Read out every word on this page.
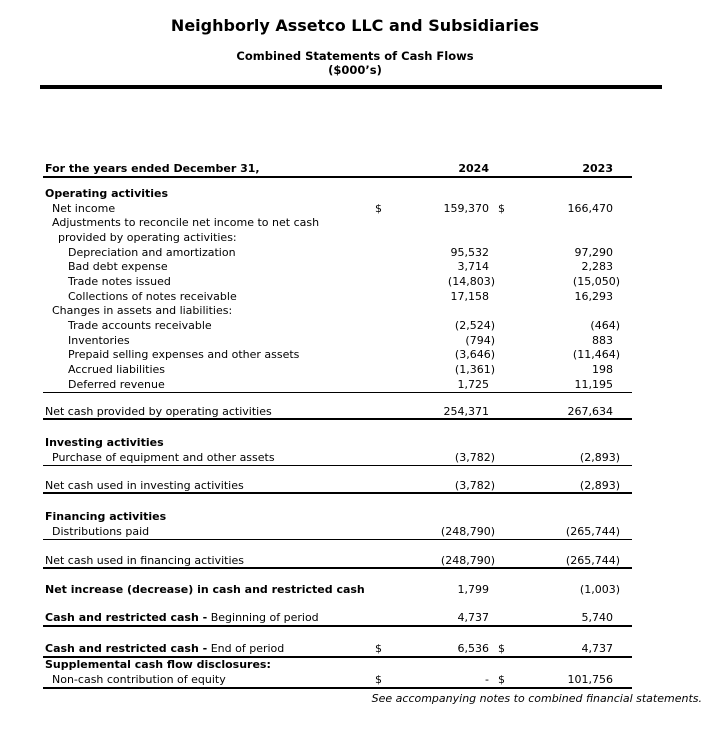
Neighborly Assetco LLC and Subsidiaries
Combined Statements of Cash Flows
($000’s)
For the years ended December 31,	2024	2023
Operating activities
Net income	$	159,370 $	166,470
Adjustments to reconcile net income to net cash
provided by operating activities:
Depreciation and amortization	95,532	97,290
Bad debt expense	3,714	2,283
Trade notes issued	(14,803)	(15,050)
Collections of notes receivable	17,158	16,293
Changes in assets and liabilities:
Trade accounts receivable	(2,524)	(464)
Inventories	(794)	883
Prepaid selling expenses and other assets	(3,646)	(11,464)
Accrued liabilities	(1,361)	198
Deferred revenue	1,725	11,195
Net cash provided by operating activities	254,371	267,634
Investing activities
Purchase of equipment and other assets	(3,782)	(2,893)
Net cash used in investing activities	(3,782)	(2,893)
Financing activities
Distributions paid	(248,790)	(265,744)
Net cash used in financing activities	(248,790)	(265,744)
Net increase (decrease) in cash and restricted cash	1,799	(1,003)
Cash and restricted cash - Beginning of period	4,737	5,740
Cash and restricted cash - End of period	$	6,536 $	4,737
Supplemental cash flow disclosures:
Non-cash contribution of equity	$	- $	101,756
See accompanying notes to combined financial statements.
